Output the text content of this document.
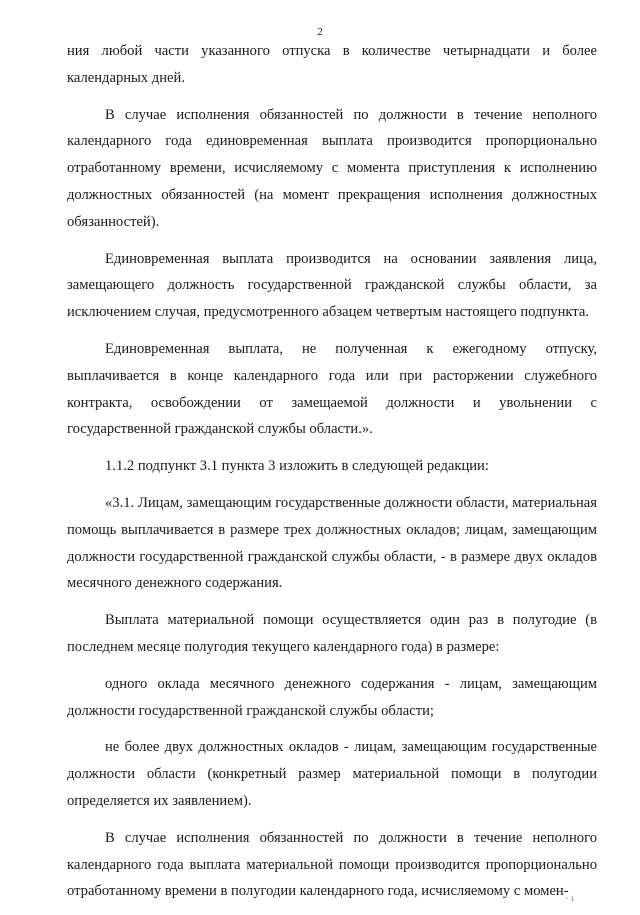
2

ния любой части указанного отпуска в количестве четырнадцати и более календарных дней.

В случае исполнения обязанностей по должности в течение неполного календарного года единовременная выплата производится пропорционально отработанному времени, исчисляемому с момента приступления к исполнению должностных обязанностей (на момент прекращения исполнения должностных обязанностей).

Единовременная выплата производится на основании заявления лица, замещающего должность государственной гражданской службы области, за исключением случая, предусмотренного абзацем четвертым настоящего подпункта.

Единовременная выплата, не полученная к ежегодному отпуску, выплачивается в конце календарного года или при расторжении служебного контракта, освобождении от замещаемой должности и увольнении с государственной гражданской службы области.».

1.1.2 подпункт 3.1 пункта 3 изложить в следующей редакции:

«3.1. Лицам, замещающим государственные должности области, материальная помощь выплачивается в размере трех должностных окладов; лицам, замещающим должности государственной гражданской службы области, - в размере двух окладов месячного денежного содержания.

Выплата материальной помощи осуществляется один раз в полугодие (в последнем месяце полугодия текущего календарного года) в размере:

одного оклада месячного денежного содержания - лицам, замещающим должности государственной гражданской службы области;

не более двух должностных окладов - лицам, замещающим государственные должности области (конкретный размер материальной помощи в полугодии определяется их заявлением).

В случае исполнения обязанностей по должности в течение неполного календарного года выплата материальной помощи производится пропорционально отработанному времени в полугодии календарного года, исчисляемому с момен-

· ı
